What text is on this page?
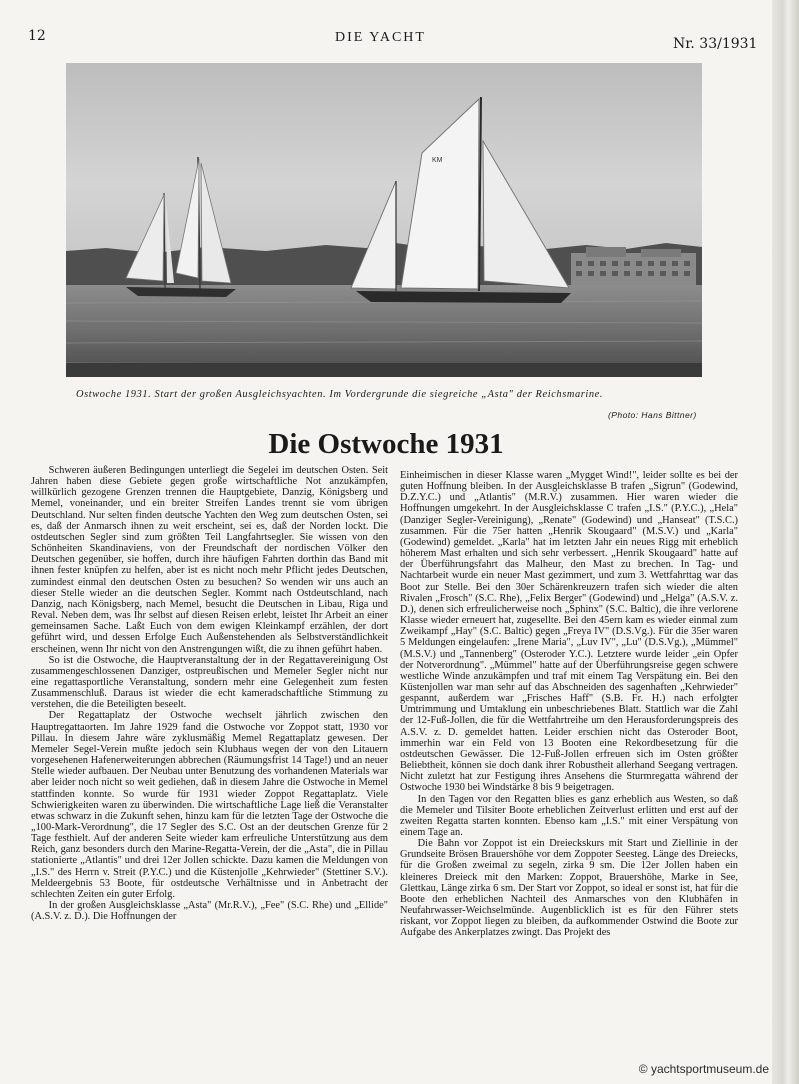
12	DIE YACHT	Nr. 33/1931
KM
Ostwoche 1931. Start der großen Ausgleichsyachten. Im Vordergrunde die siegreiche „Asta" der Reichsmarine.
(Photo: Hans Bittner)
Die Ostwoche 1931

Schweren äußeren Bedingungen unterliegt die Segelei im deutschen Osten. Seit Jahren haben diese Gebiete gegen große wirtschaftliche Not anzukämpfen, willkürlich gezogene Grenzen trennen die Hauptgebiete, Danzig, Königsberg und Memel, voneinander, und ein breiter Streifen Landes trennt sie vom übrigen Deutschland. Nur selten finden deutsche Yachten den Weg zum deutschen Osten, sei es, daß der Anmarsch ihnen zu weit erscheint, sei es, daß der Norden lockt. Die ostdeutschen Segler sind zum größten Teil Langfahrtsegler. Sie wissen von den Schönheiten Skandinaviens, von der Freundschaft der nordischen Völker den Deutschen gegenüber, sie hoffen, durch ihre häufigen Fahrten dorthin das Band mit ihnen fester knüpfen zu helfen, aber ist es nicht noch mehr Pflicht jedes Deutschen, zumindest einmal den deutschen Osten zu besuchen? So wenden wir uns auch an dieser Stelle wieder an die deutschen Segler. Kommt nach Ostdeutschland, nach Danzig, nach Königsberg, nach Memel, besucht die Deutschen in Libau, Riga und Reval. Neben dem, was Ihr selbst auf diesen Reisen erlebt, leistet Ihr Arbeit an einer gemeinsamen Sache. Laßt Euch von dem ewigen Kleinkampf erzählen, der dort geführt wird, und dessen Erfolge Euch Außenstehenden als Selbstverständlichkeit erscheinen, wenn Ihr nicht von den Anstrengungen wißt, die zu ihnen geführt haben.

So ist die Ostwoche, die Hauptveranstaltung der in der Regattavereinigung Ost zusammengeschlossenen Danziger, ostpreußischen und Memeler Segler nicht nur eine regattasportliche Veranstaltung, sondern mehr eine Gelegenheit zum festen Zusammenschluß. Daraus ist wieder die echt kameradschaftliche Stimmung zu verstehen, die die Beteiligten beseelt.

Der Regattaplatz der Ostwoche wechselt jährlich zwischen den Hauptregattaorten. Im Jahre 1929 fand die Ostwoche vor Zoppot statt, 1930 vor Pillau. In diesem Jahre wäre zyklusmäßig Memel Regattaplatz gewesen. Der Memeler Segel-Verein mußte jedoch sein Klubhaus wegen der von den Litauern vorgesehenen Hafenerweiterungen abbrechen (Räumungsfrist 14 Tage!) und an neuer Stelle wieder aufbauen. Der Neubau unter Benutzung des vorhandenen Materials war aber leider noch nicht so weit gediehen, daß in diesem Jahre die Ostwoche in Memel stattfinden konnte. So wurde für 1931 wieder Zoppot Regattaplatz. Viele Schwierigkeiten waren zu überwinden. Die wirtschaftliche Lage ließ die Veranstalter etwas schwarz in die Zukunft sehen, hinzu kam für die letzten Tage der Ostwoche die „100-Mark-Verordnung", die 17 Segler des S.C. Ost an der deutschen Grenze für 2 Tage festhielt. Auf der anderen Seite wieder kam erfreuliche Unterstützung aus dem Reich, ganz besonders durch den Marine-Regatta-Verein, der die „Asta", die in Pillau stationierte „Atlantis" und drei 12er Jollen schickte. Dazu kamen die Meldungen von „I.S." des Herrn v. Streit (P.Y.C.) und die Küstenjolle „Kehrwieder" (Stettiner S.V.). Meldeergebnis 53 Boote, für ostdeutsche Verhältnisse und in Anbetracht der schlechten Zeiten ein guter Erfolg.

In der großen Ausgleichsklasse „Asta" (Mr.R.V.), „Fee" (S.C. Rhe) und „Ellide" (A.S.V. z. D.). Die Hoffnungen der

Einheimischen in dieser Klasse waren „Mygget Wind!", leider sollte es bei der guten Hoffnung bleiben. In der Ausgleichsklasse B trafen „Sigrun" (Godewind, D.Z.Y.C.) und „Atlantis" (M.R.V.) zusammen. Hier waren wieder die Hoffnungen umgekehrt. In der Ausgleichsklasse C trafen „I.S." (P.Y.C.), „Hela" (Danziger Segler-Vereinigung), „Renate" (Godewind) und „Hanseat" (T.S.C.) zusammen. Für die 75er hatten „Henrik Skougaard" (M.S.V.) und „Karla" (Godewind) gemeldet. „Karla" hat im letzten Jahr ein neues Rigg mit erheblich höherem Mast erhalten und sich sehr verbessert. „Henrik Skougaard" hatte auf der Überführungsfahrt das Malheur, den Mast zu brechen. In Tag- und Nachtarbeit wurde ein neuer Mast gezimmert, und zum 3. Wettfahrttag war das Boot zur Stelle. Bei den 30er Schärenkreuzern trafen sich wieder die alten Rivalen „Frosch" (S.C. Rhe), „Felix Berger" (Godewind) und „Helga" (A.S.V. z. D.), denen sich erfreulicherweise noch „Sphinx" (S.C. Baltic), die ihre verlorene Klasse wieder erneuert hat, zugesellte. Bei den 45ern kam es wieder einmal zum Zweikampf „Hay" (S.C. Baltic) gegen „Freya IV" (D.S.Vg.). Für die 35er waren 5 Meldungen eingelaufen: „Irene Maria", „Luv IV", „Lu" (D.S.Vg.), „Mümmel" (M.S.V.) und „Tannenberg" (Osteroder Y.C.). Letztere wurde leider „ein Opfer der Notverordnung". „Mümmel" hatte auf der Überführungsreise gegen schwere westliche Winde anzukämpfen und traf mit einem Tag Verspätung ein. Bei den Küstenjollen war man sehr auf das Abschneiden des sagenhaften „Kehrwieder" gespannt, außerdem war „Frisches Haff" (S.B. Fr. H.) nach erfolgter Umtrimmung und Umtaklung ein unbeschriebenes Blatt. Stattlich war die Zahl der 12-Fuß-Jollen, die für die Wettfahrtreihe um den Herausforderungspreis des A.S.V. z. D. gemeldet hatten. Leider erschien nicht das Osteroder Boot, immerhin war ein Feld von 13 Booten eine Rekordbesetzung für die ostdeutschen Gewässer. Die 12-Fuß-Jollen erfreuen sich im Osten größter Beliebtheit, können sie doch dank ihrer Robustheit allerhand Seegang vertragen. Nicht zuletzt hat zur Festigung ihres Ansehens die Sturmregatta während der Ostwoche 1930 bei Windstärke 8 bis 9 beigetragen.

In den Tagen vor den Regatten blies es ganz erheblich aus Westen, so daß die Memeler und Tilsiter Boote erheblichen Zeitverlust erlitten und erst auf der zweiten Regatta starten konnten. Ebenso kam „I.S." mit einer Verspätung von einem Tage an.

Die Bahn vor Zoppot ist ein Dreieckskurs mit Start und Ziellinie in der Grundseite Brösen Brauershöhe vor dem Zoppoter Seesteg. Länge des Dreiecks, für die Großen zweimal zu segeln, zirka 9 sm. Die 12er Jollen haben ein kleineres Dreieck mit den Marken: Zoppot, Brauershöhe, Marke in See, Glettkau, Länge zirka 6 sm. Der Start vor Zoppot, so ideal er sonst ist, hat für die Boote den erheblichen Nachteil des Anmarsches von den Klubhäfen in Neufahrwasser-Weichselmünde. Augenblicklich ist es für den Führer stets riskant, vor Zoppot liegen zu bleiben, da aufkommender Ostwind die Boote zur Aufgabe des Ankerplatzes zwingt. Das Projekt des

© yachtsportmuseum.de
